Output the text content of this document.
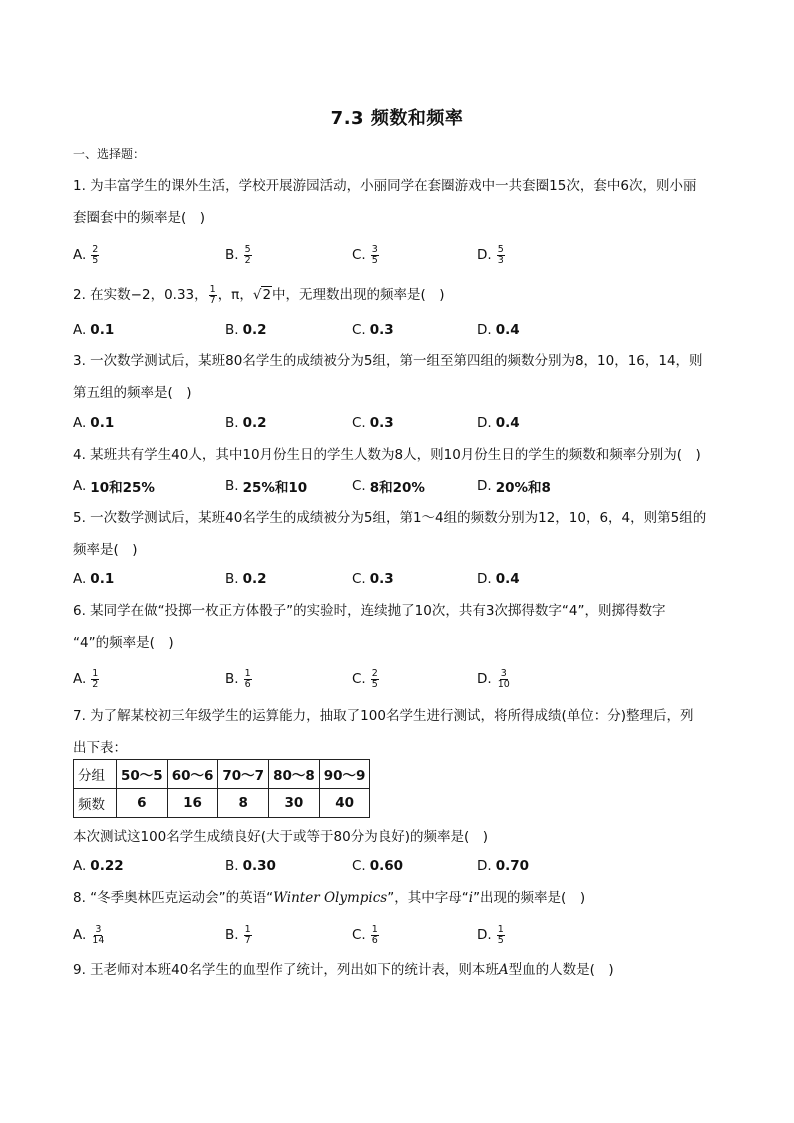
7.3 频数和频率
一、选择题：
1. 为丰富学生的课外生活，学校开展游园活动，小丽同学在套圈游戏中一共套圈15次，套中6次，则小丽
套圈套中的频率是(　)
A. $\frac{2}{5}$	B. $\frac{5}{2}$	C. $\frac{3}{5}$	D. $\frac{5}{3}$
2. 在实数−2，0.33， $\frac{1}{7}$ ，π， √2 中，无理数出现的频率是(　)
A. 0.1	B. 0.2	C. 0.3	D. 0.4
3. 一次数学测试后，某班80名学生的成绩被分为5组，第一组至第四组的频数分别为8，10，16，14，则
第五组的频率是(　)
A. 0.1	B. 0.2	C. 0.3	D. 0.4
4. 某班共有学生40人，其中10月份生日的学生人数为8人，则10月份生日的学生的频数和频率分别为(　)
A. 10和25%	B. 25%和10	C. 8和20%	D. 20%和8
5. 一次数学测试后，某班40名学生的成绩被分为5组，第1～4组的频数分别为12，10，6，4，则第5组的
频率是(　)
A. 0.1	B. 0.2	C. 0.3	D. 0.4
6. 某同学在做“投掷一枚正方体骰子”的实验时，连续抛了10次，共有3次掷得数字“4”，则掷得数字
“4”的频率是(　)
A. $\frac{1}{2}$	B. $\frac{1}{6}$	C. $\frac{2}{5}$	D. $\frac{3}{10}$
7. 为了解某校初三年级学生的运算能力，抽取了100名学生进行测试，将所得成绩(单位：分)整理后，列
出下表：
分组	50～5	60～6	70～7	80～8	90～9
频数	6	16	8	30	40
本次测试这100名学生成绩良好(大于或等于80分为良好)的频率是(　)
A. 0.22	B. 0.30	C. 0.60	D. 0.70
8. “冬季奥林匹克运动会”的英语“Winter Olympics”，其中字母“i”出现的频率是(　)
A. $\frac{3}{14}$	B. $\frac{1}{7}$	C. $\frac{1}{6}$	D. $\frac{1}{5}$
9. 王老师对本班40名学生的血型作了统计，列出如下的统计表，则本班A型血的人数是(　)
